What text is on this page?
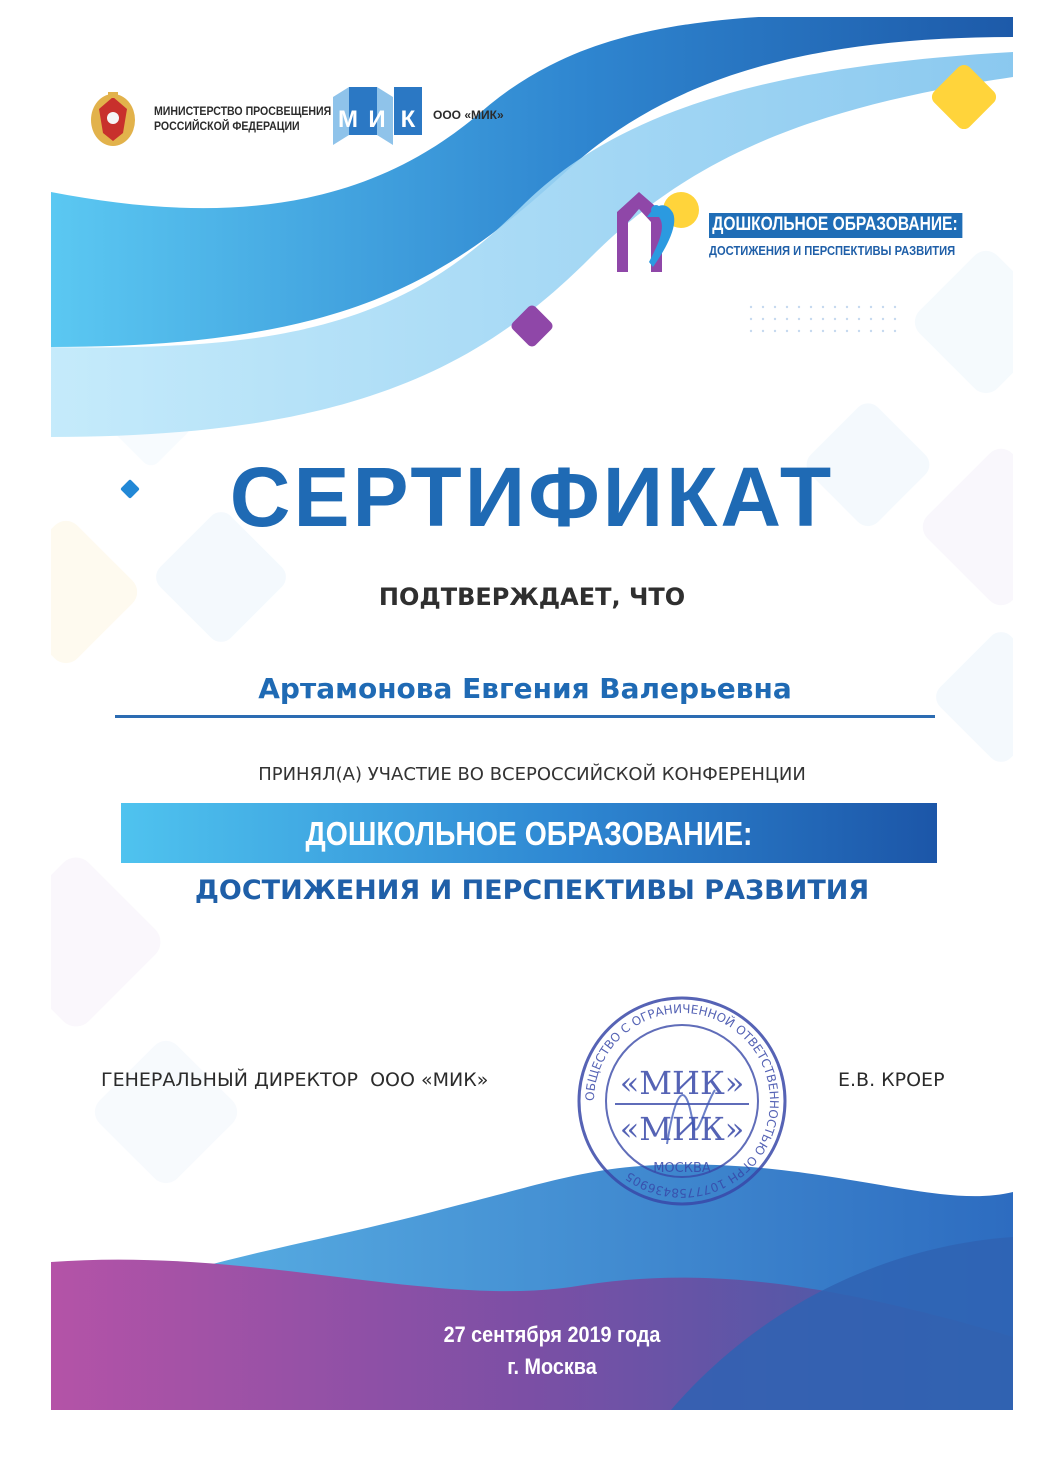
МИНИСТЕРСТВО ПРОСВЕЩЕНИЯ
РОССИЙСКОЙ ФЕДЕРАЦИИ	М И К ООО «МИК»
ДОШКОЛЬНОЕ ОБРАЗОВАНИЕ:
ДОСТИЖЕНИЯ И ПЕРСПЕКТИВЫ РАЗВИТИЯ
СЕРТИФИКАТ
ПОДТВЕРЖДАЕТ, ЧТО
Артамонова Евгения Валерьевна
ПРИНЯЛ(А) УЧАСТИЕ ВО ВСЕРОССИЙСКОЙ КОНФЕРЕНЦИИ
ДОШКОЛЬНОЕ ОБРАЗОВАНИЕ:
ДОСТИЖЕНИЯ И ПЕРСПЕКТИВЫ РАЗВИТИЯ
ГЕНЕРАЛЬНЫЙ ДИРЕКТОР  ООО «МИК»	Е.В. КРОЕР
ОБЩЕСТВО С ОГРАНИЧЕННОЙ ОТВЕТСТВЕННОСТЬЮ ОГРН 1077758436905
«МИК»
«МИК»
МОСКВА
27 сентября 2019 года
г. Москва
